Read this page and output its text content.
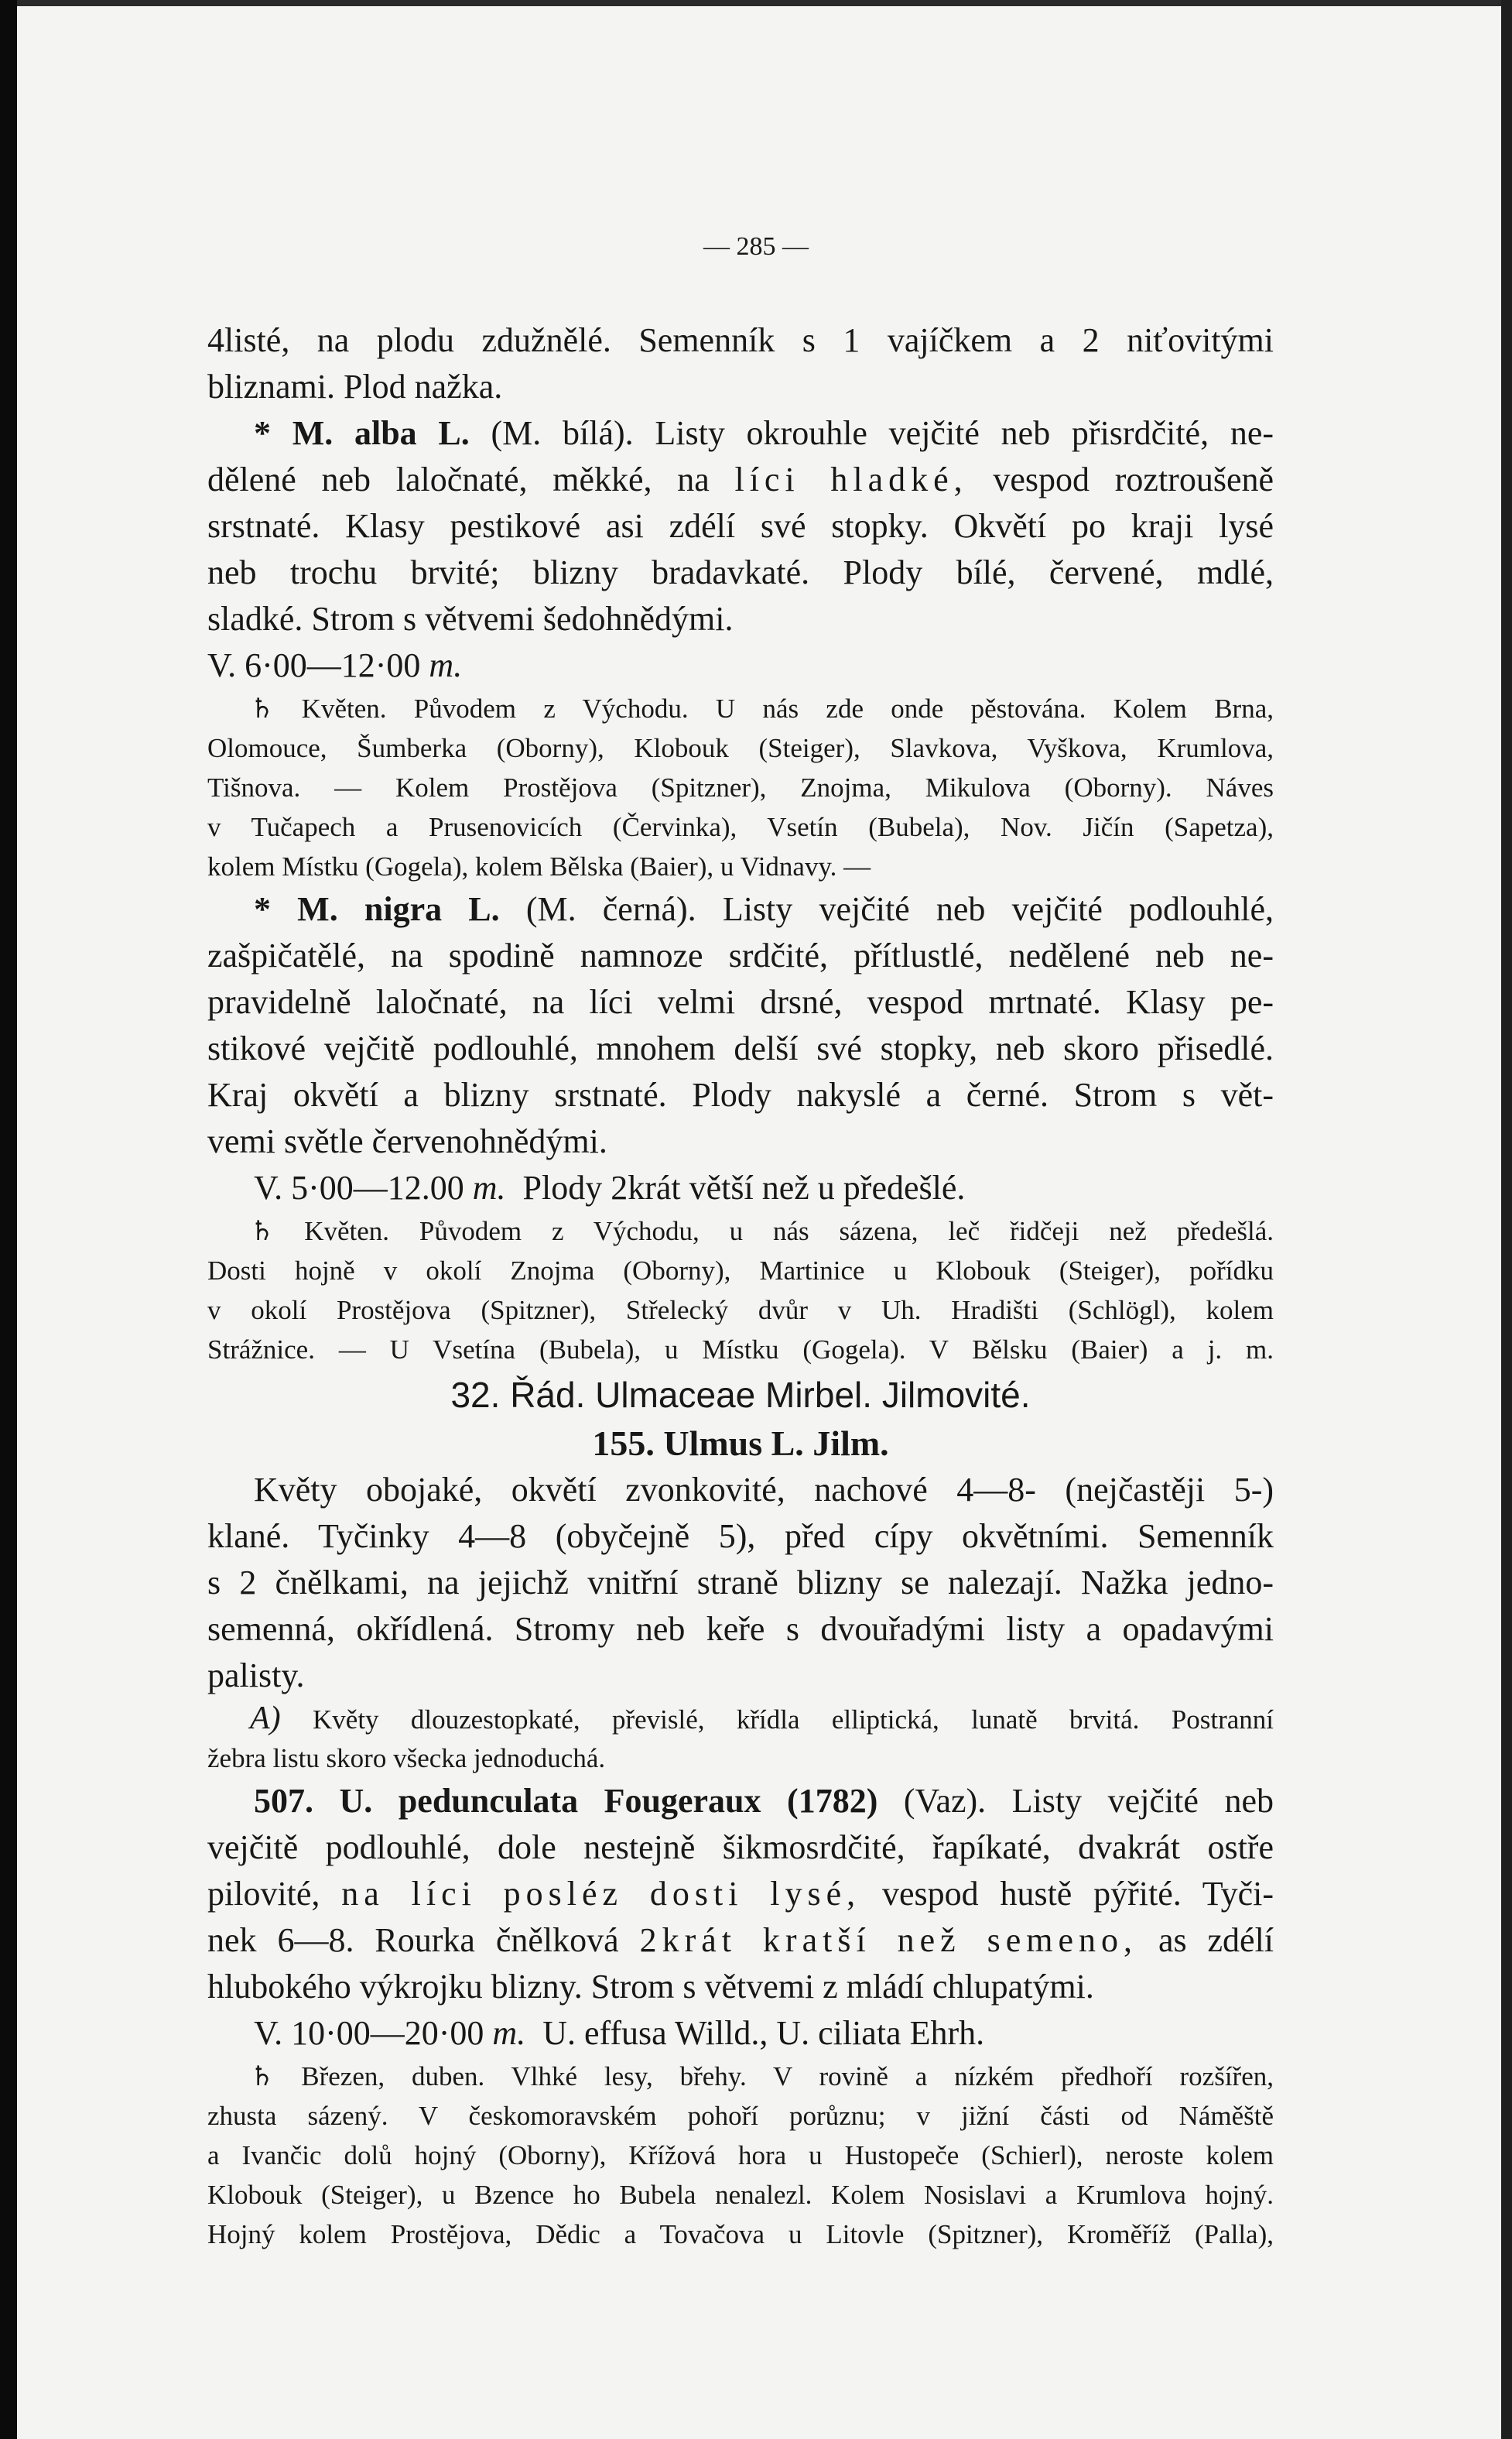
— 285 —
4listé, na plodu zdužnělé. Semenník s 1 vajíčkem a 2 niťovitými
bliznami. Plod nažka.
* M. alba L. (M. bílá). Listy okrouhle vejčité neb přisrdčité, ne-
dělené neb laločnaté, měkké, na líci hladké, vespod roztroušeně
srstnaté. Klasy pestikové asi zdélí své stopky. Okvětí po kraji lysé
neb trochu brvité; blizny bradavkaté. Plody bílé, červené, mdlé,
sladké. Strom s větvemi šedohnědými.
V. 6·00—12·00 m.
♄ Květen. Původem z Východu. U nás zde onde pěstována. Kolem Brna,
Olomouce, Šumberka (Oborny), Klobouk (Steiger), Slavkova, Vyškova, Krumlova,
Tišnova. — Kolem Prostějova (Spitzner), Znojma, Mikulova (Oborny). Náves
v Tučapech a Prusenovicích (Červinka), Vsetín (Bubela), Nov. Jičín (Sapetza),
kolem Místku (Gogela), kolem Bělska (Baier), u Vidnavy. —
* M. nigra L. (M. černá). Listy vejčité neb vejčité podlouhlé,
zašpičatělé, na spodině namnoze srdčité, přítlustlé, nedělené neb ne-
pravidelně laločnaté, na líci velmi drsné, vespod mrtnaté. Klasy pe-
stikové vejčitě podlouhlé, mnohem delší své stopky, neb skoro přisedlé.
Kraj okvětí a blizny srstnaté. Plody nakyslé a černé. Strom s vět-
vemi světle červenohnědými.
V. 5·00—12.00 m. Plody 2krát větší než u předešlé.
♄ Květen. Původem z Východu, u nás sázena, leč řidčeji než předešlá.
Dosti hojně v okolí Znojma (Oborny), Martinice u Klobouk (Steiger), pořídku
v okolí Prostějova (Spitzner), Střelecký dvůr v Uh. Hradišti (Schlögl), kolem
Strážnice. — U Vsetína (Bubela), u Místku (Gogela). V Bělsku (Baier) a j. m.
32. Řád. Ulmaceae Mirbel. Jilmovité.
155. Ulmus L. Jilm.
Květy obojaké, okvětí zvonkovité, nachové 4—8- (nejčastěji 5-)
klané. Tyčinky 4—8 (obyčejně 5), před cípy okvětními. Semenník
s 2 čnělkami, na jejichž vnitřní straně blizny se nalezají. Nažka jedno-
semenná, okřídlená. Stromy neb keře s dvouřadými listy a opadavými
palisty.
A) Květy dlouzestopkaté, převislé, křídla elliptická, lunatě brvitá. Postranní
žebra listu skoro všecka jednoduchá.
507. U. pedunculata Fougeraux (1782) (Vaz). Listy vejčité neb
vejčitě podlouhlé, dole nestejně šikmosrdčité, řapíkaté, dvakrát ostře
pilovité, na líci posléz dosti lysé, vespod hustě pýřité. Tyči-
nek 6—8. Rourka čnělková 2krát kratší než semeno, as zdélí
hlubokého výkrojku blizny. Strom s větvemi z mládí chlupatými.
V. 10·00—20·00 m. U. effusa Willd., U. ciliata Ehrh.
♄ Březen, duben. Vlhké lesy, břehy. V rovině a nízkém předhoří rozšířen,
zhusta sázený. V českomoravském pohoří porůznu; v jižní části od Náměště
a Ivančic dolů hojný (Oborny), Křížová hora u Hustopeče (Schierl), neroste kolem
Klobouk (Steiger), u Bzence ho Bubela nenalezl. Kolem Nosislavi a Krumlova hojný.
Hojný kolem Prostějova, Dědic a Tovačova u Litovle (Spitzner), Kroměříž (Palla),
